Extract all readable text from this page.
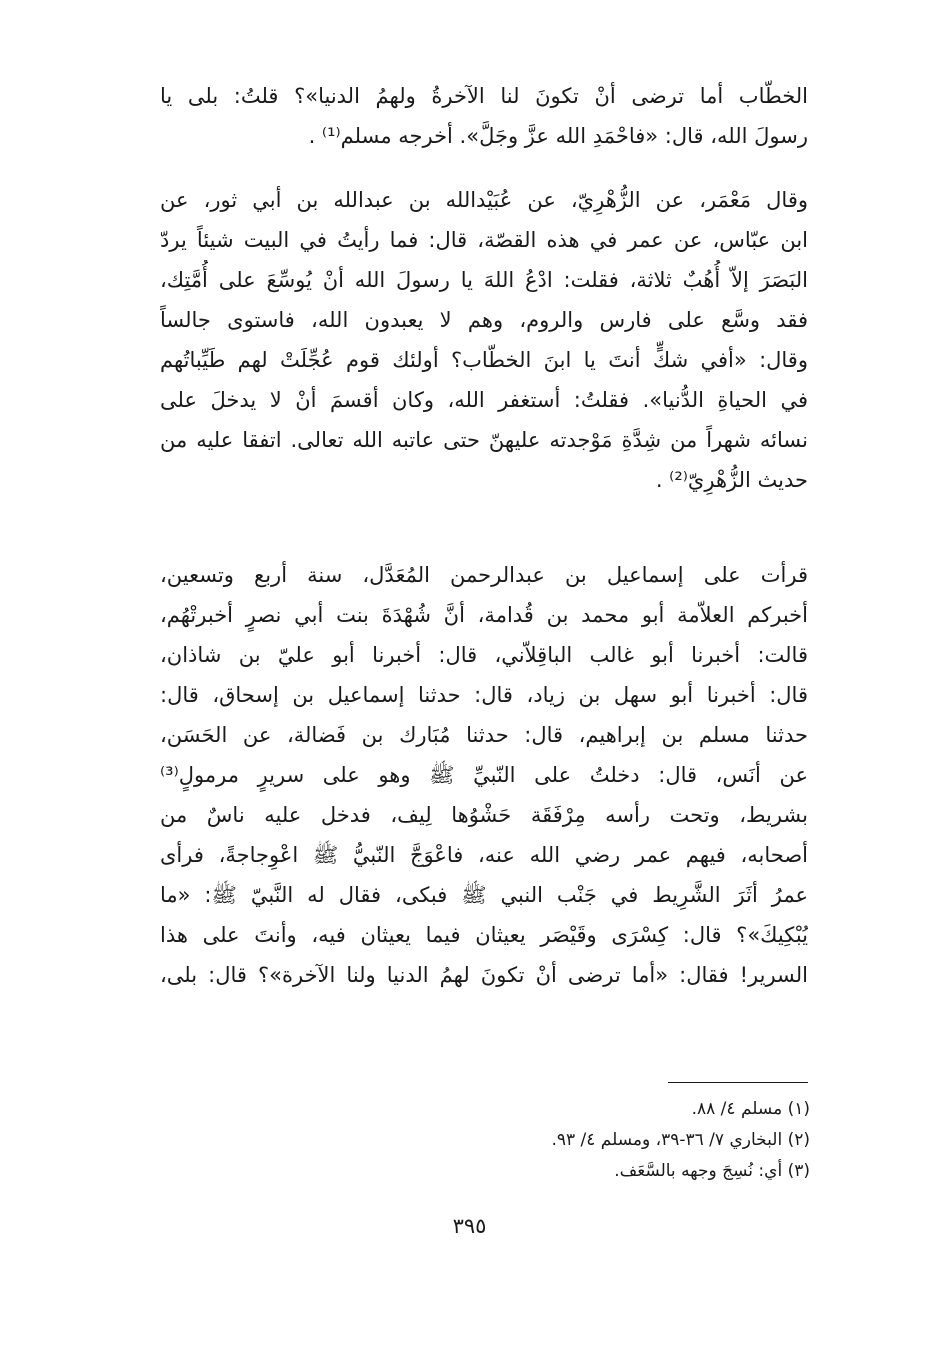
الخطّاب أما ترضى أنْ تكونَ لنا الآخرةُ ولهمُ الدنيا»؟ قلتُ: بلى يا
رسولَ الله، قال: «فاحْمَدِ الله عزَّ وجَلَّ». أخرجه مسلم⁽¹⁾ .
وقال مَعْمَر، عن الزُّهْرِيّ، عن عُبَيْدالله بن عبدالله بن أبي ثور، عن
ابن عبّاس، عن عمر في هذه القصّة، قال: فما رأيتُ في البيت شيئاً يردّ
البَصَرَ إلاّ أُهُبٌ ثلاثة، فقلت: ادْعُ اللهَ يا رسولَ الله أنْ يُوسِّعَ على أُمَّتِك،
فقد وسَّع على فارس والروم، وهم لا يعبدون الله، فاستوى جالساً
وقال: «أفي شكٍّ أنتَ يا ابنَ الخطّاب؟ أولئك قوم عُجِّلَتْ لهم طَيِّباتُهم
في الحياةِ الدُّنيا». فقلتُ: أستغفر الله، وكان أقسمَ أنْ لا يدخلَ على
نسائه شهراً من شِدَّةِ مَوْجدته عليهنّ حتى عاتبه الله تعالى. اتفقا عليه من
حديث الزُّهْرِيّ⁽²⁾ .
قرأت على إسماعيل بن عبدالرحمن المُعَدَّل، سنة أربع وتسعين،
أخبركم العلاّمة أبو محمد بن قُدامة، أنَّ شُهْدَةَ بنت أبي نصرٍ أخبرتْهُم،
قالت: أخبرنا أبو غالب الباقِلاّني، قال: أخبرنا أبو عليّ بن شاذان،
قال: أخبرنا أبو سهل بن زياد، قال: حدثنا إسماعيل بن إسحاق، قال:
حدثنا مسلم بن إبراهيم، قال: حدثنا مُبَارك بن فَضالة، عن الحَسَن،
عن أنَس، قال: دخلتُ على النّبيِّ ﷺ وهو على سريرٍ مرمولٍ⁽³⁾
بشريط، وتحت رأسه مِرْفَقَة حَشْوُها لِيف، فدخل عليه ناسٌ من
أصحابه، فيهم عمر رضي الله عنه، فاعْوَجَّ النّبيُّ ﷺ اعْوِجاجةً، فرأى
عمرُ أثَرَ الشَّرِيط في جَنْب النبي ﷺ فبكى، فقال له النَّبيّ ﷺ: «ما
يُبْكِيكَ»؟ قال: كِسْرَى وقَيْصَر يعيثان فيما يعيثان فيه، وأنتَ على هذا
السرير! فقال: «أما ترضى أنْ تكونَ لهمُ الدنيا ولنا الآخرة»؟ قال: بلى،
(١) مسلم ٤/ ٨٨.
(٢) البخاري ٧/ ٣٦-٣٩، ومسلم ٤/ ٩٣.
(٣) أي: نُسِجَ وجهه بالسَّعَف.
٣٩٥
